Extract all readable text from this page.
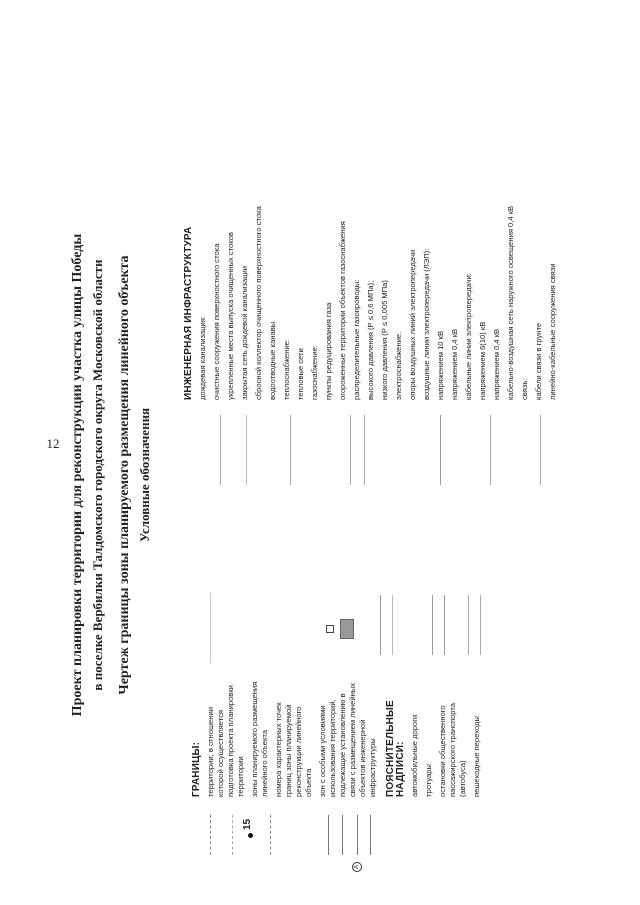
12 Проект планировки территории для реконструкции участка улицы Победы в поселке Вербилки Талдомского городского округа Московской области Чертеж границы зоны планируемого размещения линейного объекта Условные обозначения
15
A
ГРАНИЦЫ: территории, в отношении которой осуществляется подготовка проекта планировки территории зоны планируемого размещения линейного объекта номера характерных точек границ зоны планируемой реконструкции линейного объекта зон с особыми условиями использования территорий, подлежащие установлению в связи с размещением линейных объектов инженерной инфраструктуры ПОЯСНИТЕЛЬНЫЕ НАДПИСИ: автомобильные дороги тротуары остановки общественного пассажирского транспорта (автобуса) пешеходные переходы
ИНЖЕНЕРНАЯ ИНФРАСТРУКТУРА дождевая канализация: очистные сооружения поверхностного стока укрепленные места выпуска очищенных стоков закрытая сеть дождевой канализации сбросной коллектор очищенного поверхностного стока водоотводные канавы теплоснабжение: тепловые сети газоснабжение: пункты редуцирования газа огороженные территории объектов газоснабжения распределительные газопроводы: высокого давления (Р ≤ 0,6 МПа); низкого давления (Р ≤ 0,005 МПа) электроснабжение: опоры воздушных линий электропередачи воздушные линии электропередачи (ЛЭП): напряжением 10 кВ напряжением 0,4 кВ кабельные линии электропередачи: напряжением 6(10) кВ напряжением 0,4 кВ кабельно-воздушная сеть наружного освещения 0,4 кВ связь: кабели связи в грунте линейно-кабельные сооружения связи
